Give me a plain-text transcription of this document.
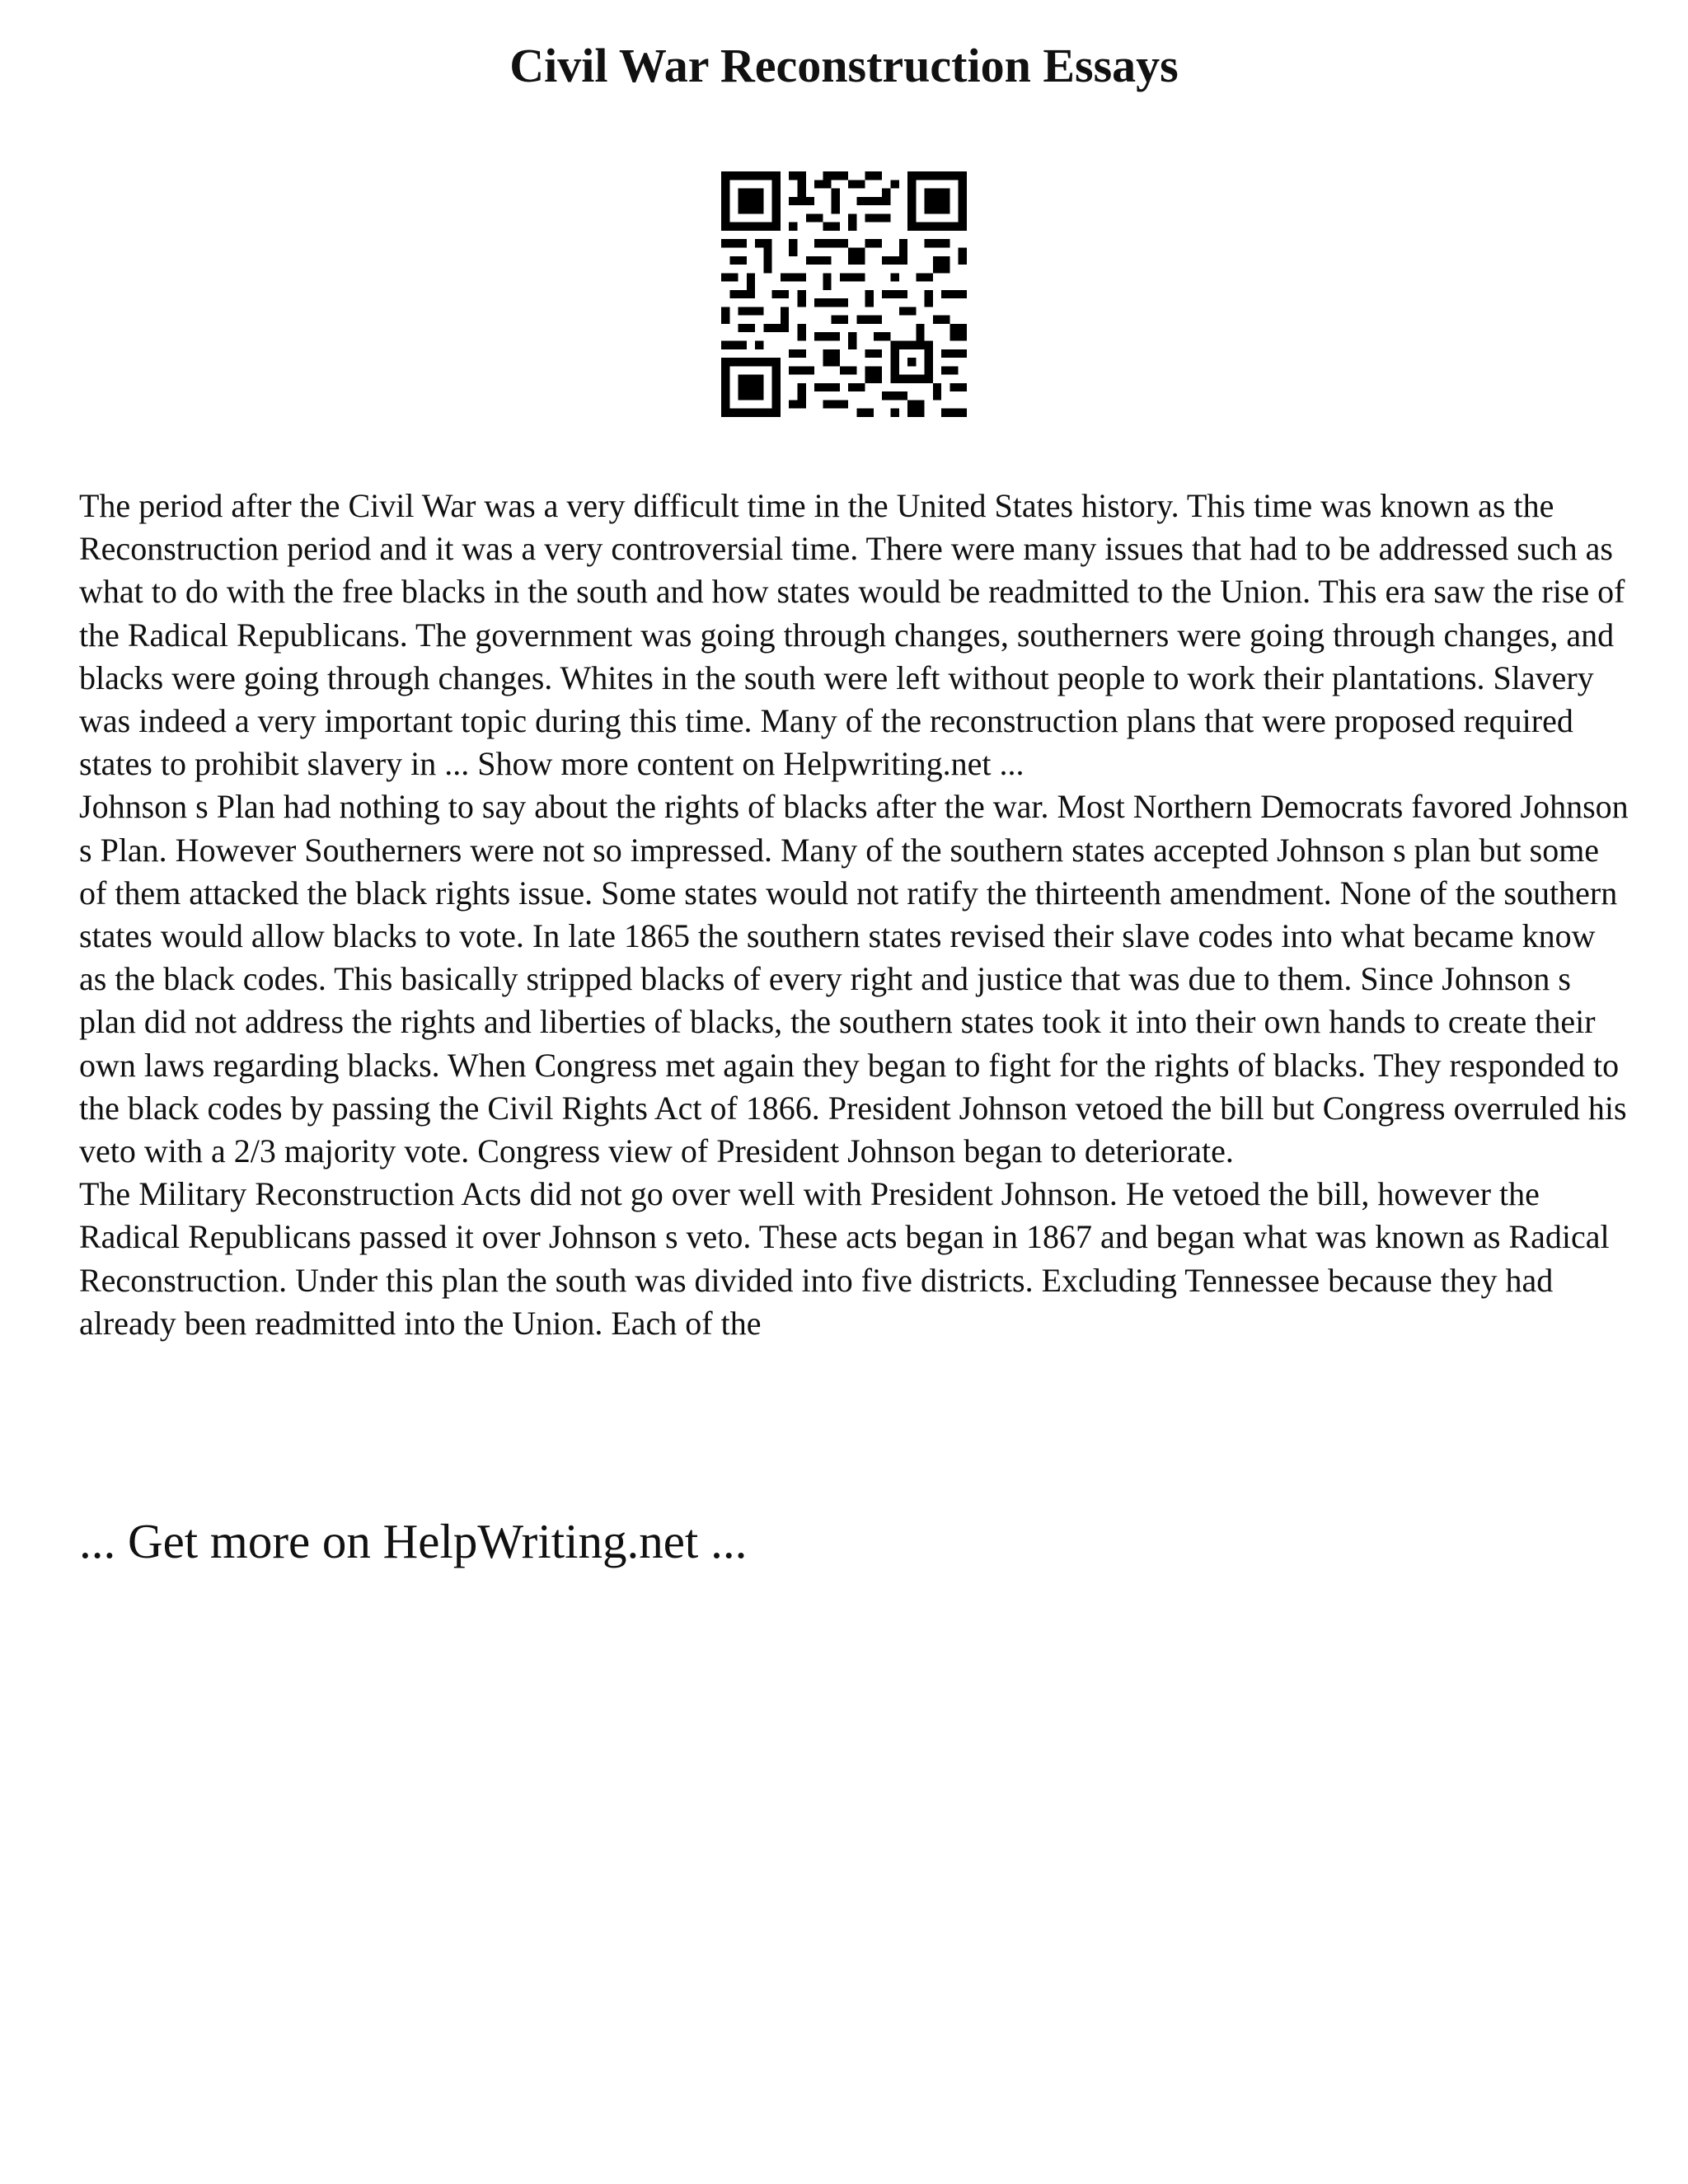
Civil War Reconstruction Essays

The period after the Civil War was a very difficult time in the United States history. This time was known as the Reconstruction period and it was a very controversial time. There were many issues that had to be addressed such as what to do with the free blacks in the south and how states would be readmitted to the Union. This era saw the rise of the Radical Republicans. The government was going through changes, southerners were going through changes, and blacks were going through changes. Whites in the south were left without people to work their plantations. Slavery was indeed a very important topic during this time. Many of the reconstruction plans that were proposed required states to prohibit slavery in ... Show more content on Helpwriting.net ...

Johnson s Plan had nothing to say about the rights of blacks after the war. Most Northern Democrats favored Johnson s Plan. However Southerners were not so impressed. Many of the southern states accepted Johnson s plan but some of them attacked the black rights issue. Some states would not ratify the thirteenth amendment. None of the southern states would allow blacks to vote. In late 1865 the southern states revised their slave codes into what became know as the black codes. This basically stripped blacks of every right and justice that was due to them. Since Johnson s plan did not address the rights and liberties of blacks, the southern states took it into their own hands to create their own laws regarding blacks. When Congress met again they began to fight for the rights of blacks. They responded to the black codes by passing the Civil Rights Act of 1866. President Johnson vetoed the bill but Congress overruled his veto with a 2/3 majority vote. Congress view of President Johnson began to deteriorate.

The Military Reconstruction Acts did not go over well with President Johnson. He vetoed the bill, however the Radical Republicans passed it over Johnson s veto. These acts began in 1867 and began what was known as Radical Reconstruction. Under this plan the south was divided into five districts. Excluding Tennessee because they had already been readmitted into the Union. Each of the

... Get more on HelpWriting.net ...
